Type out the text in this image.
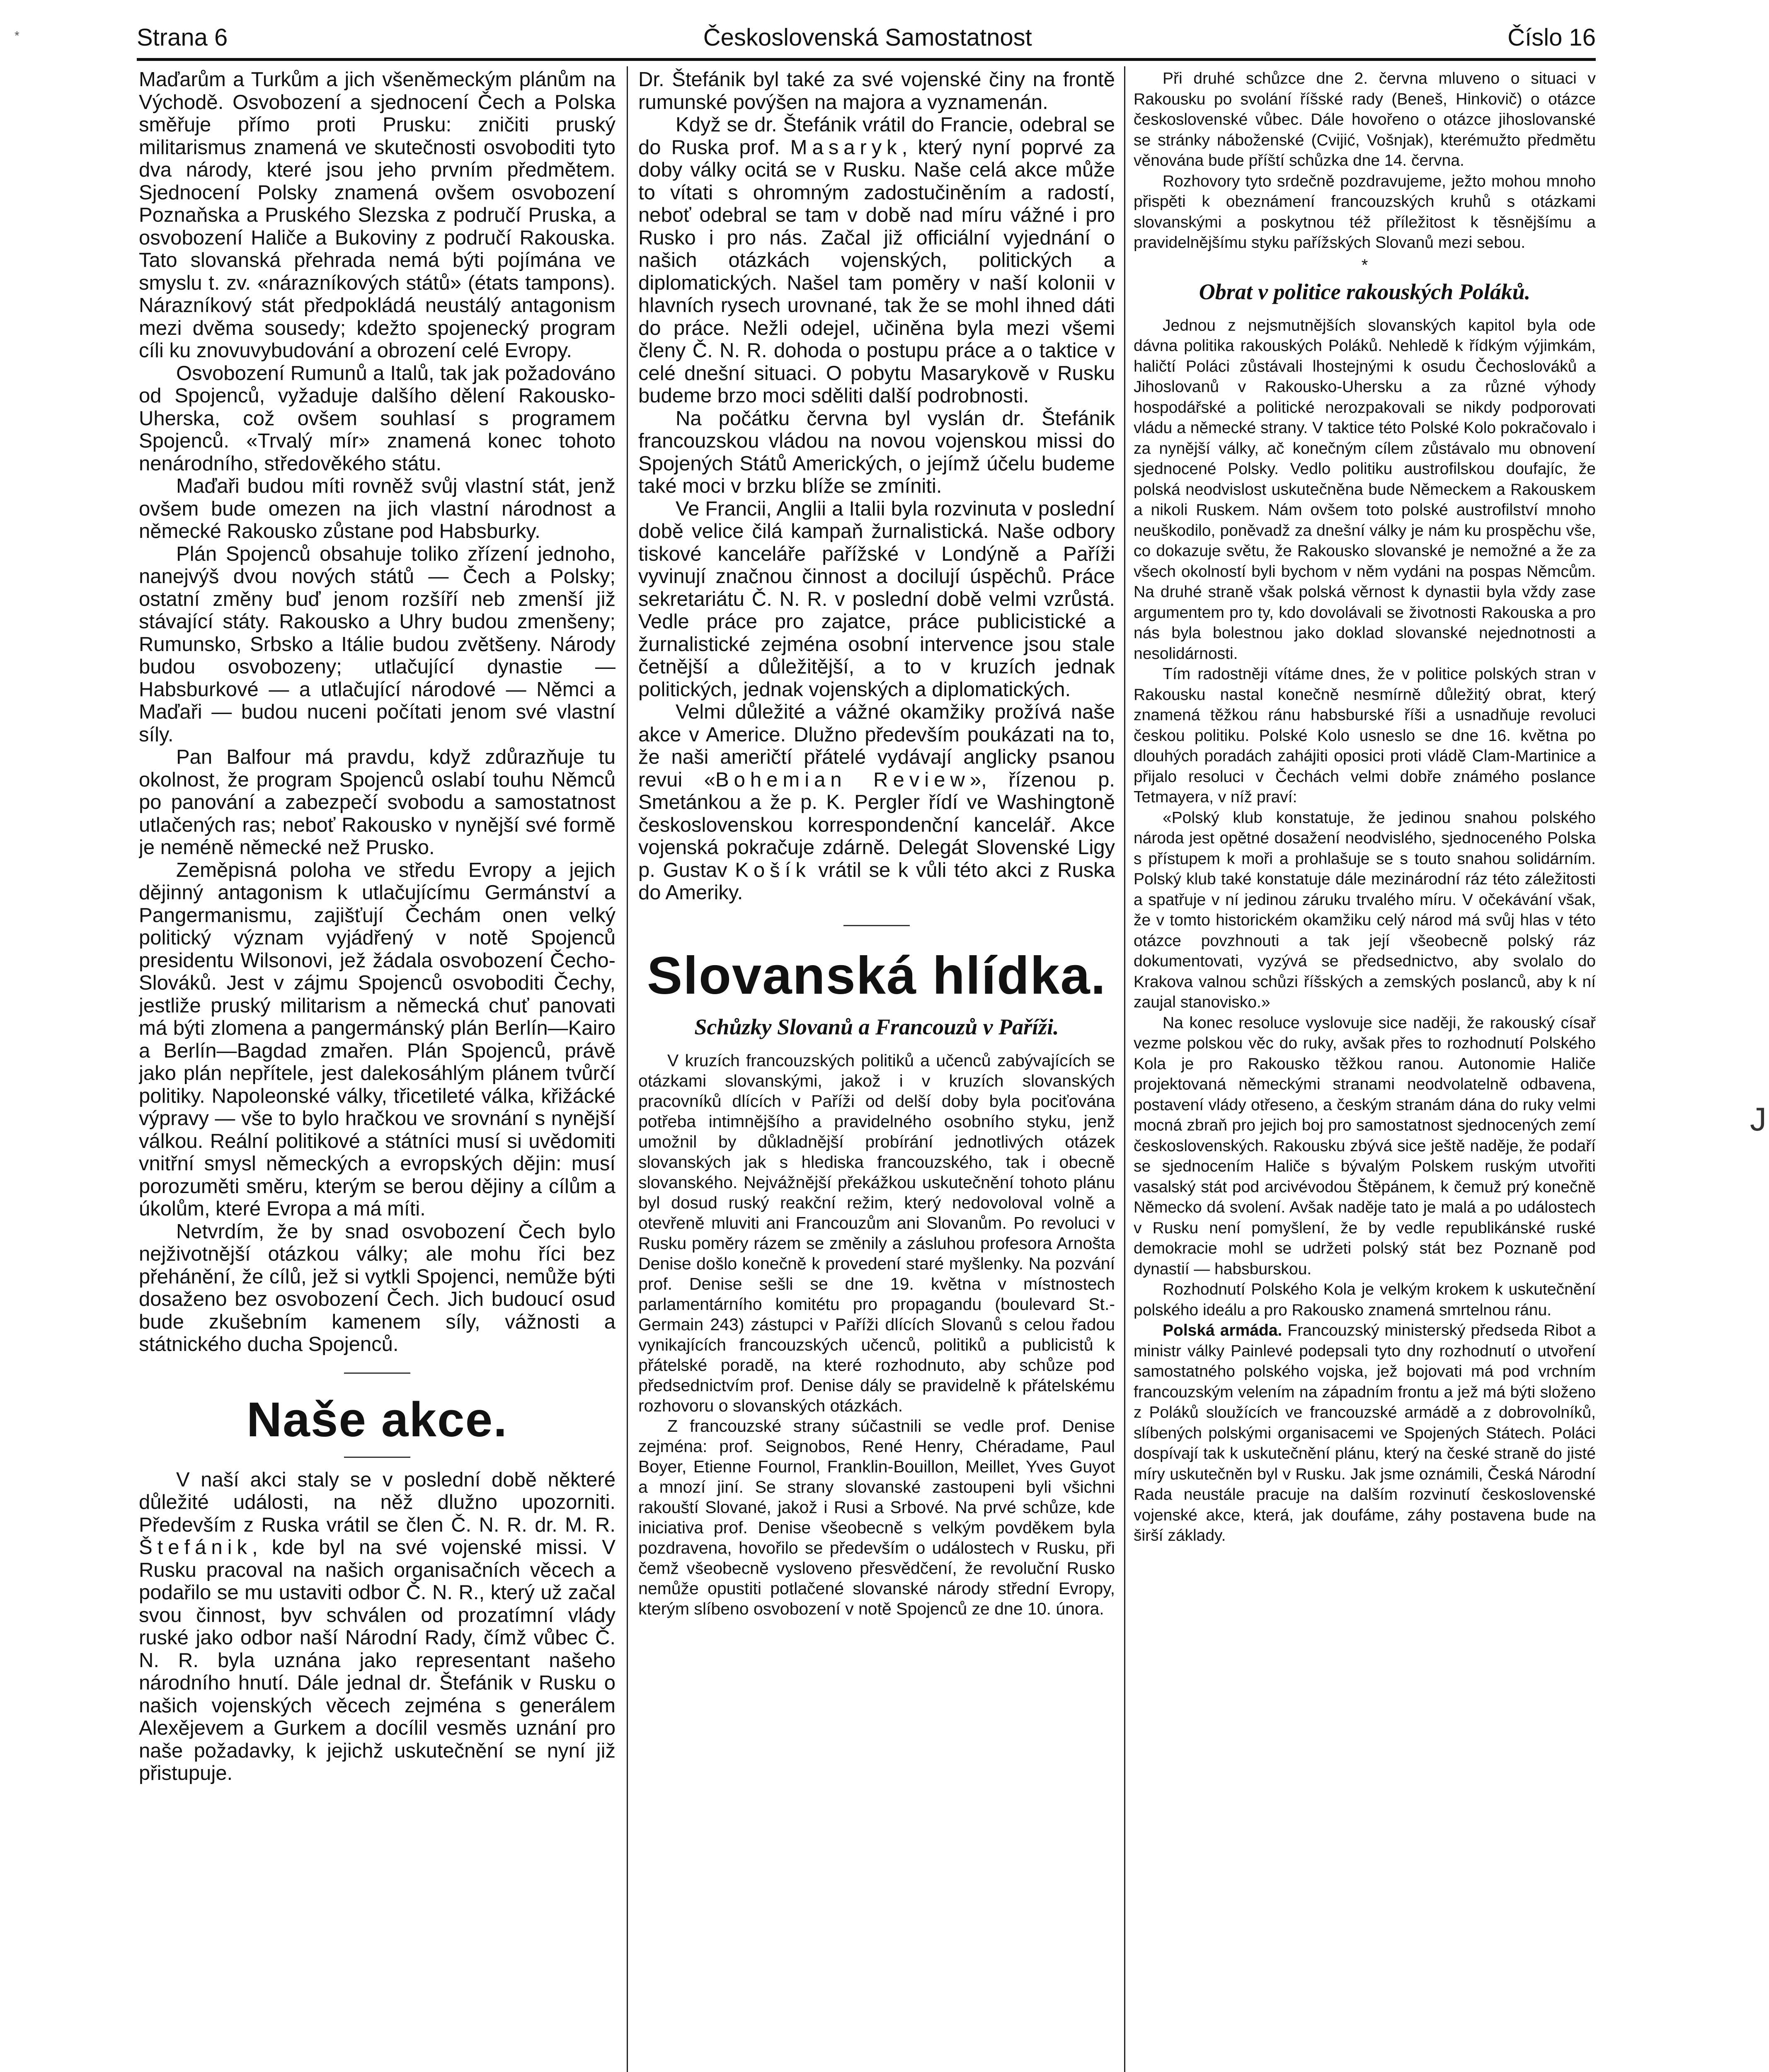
*
J
Strana 6	Československá Samostatnost	Číslo 16

Maďarům a Turkům a jich všeněmeckým plánům na Východě. Osvobození a sjednocení Čech a Polska směřuje přímo proti Prusku: zničiti pruský militarismus znamená ve skutečnosti osvoboditi tyto dva národy, které jsou jeho prvním předmětem. Sjednocení Polsky znamená ovšem osvobození Poznaňska a Pruského Slezska z područí Pruska, a osvobození Haliče a Bukoviny z područí Rakouska. Tato slovanská přehrada nemá býti pojímána ve smyslu t. zv. «nárazníkových států» (états tampons). Nárazníkový stát předpokládá neustálý antagonism mezi dvěma sousedy; kdežto spojenecký program cíli ku znovuvybudování a obrození celé Evropy.

Osvobození Rumunů a Italů, tak jak požadováno od Spojenců, vyžaduje dalšího dělení Rakousko-Uherska, což ovšem souhlasí s programem Spojenců. «Trvalý mír» znamená konec tohoto nenárodního, středověkého státu.

Maďaři budou míti rovněž svůj vlastní stát, jenž ovšem bude omezen na jich vlastní národnost a německé Rakousko zůstane pod Habsburky.

Plán Spojenců obsahuje toliko zřízení jednoho, nanejvýš dvou nových států — Čech a Polsky; ostatní změny buď jenom rozšíří neb zmenší již stávající státy. Rakousko a Uhry budou zmenšeny; Rumunsko, Srbsko a Itálie budou zvětšeny. Národy budou osvobozeny; utlačující dynastie — Habsburkové — a utlačující národové — Němci a Maďaři — budou nuceni počítati jenom své vlastní síly.

Pan Balfour má pravdu, když zdůrazňuje tu okolnost, že program Spojenců oslabí touhu Němců po panování a zabezpečí svobodu a samostatnost utlačených ras; neboť Rakousko v nynější své formě je neméně německé než Prusko.

Zeměpisná poloha ve středu Evropy a jejich dějinný antagonism k utlačujícímu Germánství a Pangermanismu, zajišťují Čechám onen velký politický význam vyjádřený v notě Spojenců presidentu Wilsonovi, jež žádala osvobození Čecho-Slováků. Jest v zájmu Spojenců osvoboditi Čechy, jestliže pruský militarism a německá chuť panovati má býti zlomena a pangermánský plán Berlín—Kairo a Berlín—Bagdad zmařen. Plán Spojenců, právě jako plán nepřítele, jest dalekosáhlým plánem tvůrčí politiky. Napoleonské války, třicetileté válka, křižácké výpravy — vše to bylo hračkou ve srovnání s nynější válkou. Reální politikové a státníci musí si uvědomiti vnitřní smysl německých a evropských dějin: musí porozuměti směru, kterým se berou dějiny a cílům a úkolům, které Evropa a má míti.

Netvrdím, že by snad osvobození Čech bylo nejživotnější otázkou války; ale mohu říci bez přehánění, že cílů, jež si vytkli Spojenci, nemůže býti dosaženo bez osvobození Čech. Jich budoucí osud bude zkušebním kamenem síly, vážnosti a státnického ducha Spojenců.

Naše akce.

V naší akci staly se v poslední době některé důležité události, na něž dlužno upozorniti. Především z Ruska vrátil se člen Č. N. R. dr. M. R. Štefánik, kde byl na své vojenské missi. V Rusku pracoval na našich organisačních věcech a podařilo se mu ustaviti odbor Č. N. R., který už začal svou činnost, byv schválen od prozatímní vlády ruské jako odbor naší Národní Rady, čímž vůbec Č. N. R. byla uznána jako representant našeho národního hnutí. Dále jednal dr. Štefánik v Rusku o našich vojenských věcech zejména s generálem Alexějevem a Gurkem a docílil vesměs uznání pro naše požadavky, k jejichž uskutečnění se nyní již přistupuje.

Dr. Štefánik byl také za své vojenské činy na frontě rumunské povýšen na majora a vyznamenán.

Když se dr. Štefánik vrátil do Francie, odebral se do Ruska prof. Masaryk, který nyní poprvé za doby války ocitá se v Rusku. Naše celá akce může to vítati s ohromným zadostučiněním a radostí, neboť odebral se tam v době nad míru vážné i pro Rusko i pro nás. Začal již officiální vyjednání o našich otázkách vojenských, politických a diplomatických. Našel tam poměry v naší kolonii v hlavních rysech urovnané, tak že se mohl ihned dáti do práce. Nežli odejel, učiněna byla mezi všemi členy Č. N. R. dohoda o postupu práce a o taktice v celé dnešní situaci. O pobytu Masarykově v Rusku budeme brzo moci sděliti další podrobnosti.

Na počátku června byl vyslán dr. Štefánik francouzskou vládou na novou vojenskou missi do Spojených Států Amerických, o jejímž účelu budeme také moci v brzku blíže se zmíniti.

Ve Francii, Anglii a Italii byla rozvinuta v poslední době velice čilá kampaň žurnalistická. Naše odbory tiskové kanceláře pařížské v Londýně a Paříži vyvinují značnou činnost a docilují úspěchů. Práce sekretariátu Č. N. R. v poslední době velmi vzrůstá. Vedle práce pro zajatce, práce publicistické a žurnalistické zejména osobní intervence jsou stale četnější a důležitější, a to v kruzích jednak politických, jednak vojenských a diplomatických.

Velmi důležité a vážné okamžiky prožívá naše akce v Americe. Dlužno především poukázati na to, že naši američtí přátelé vydávají anglicky psanou revui «Bohemian Review», řízenou p. Smetánkou a že p. K. Pergler řídí ve Washingtoně československou korrespondenční kancelář. Akce vojenská pokračuje zdárně. Delegát Slovenské Ligy p. Gustav Košík vrátil se k vůli této akci z Ruska do Ameriky.

Slovanská hlídka.
Schůzky Slovanů a Francouzů v Paříži.

V kruzích francouzských politiků a učenců zabývajících se otázkami slovanskými, jakož i v kruzích slovanských pracovníků dlících v Paříži od delší doby byla pociťována potřeba intimnějšího a pravidelného osobního styku, jenž umožnil by důkladnější probírání jednotlivých otázek slovanských jak s hlediska francouzského, tak i obecně slovanského. Nejvážnější překážkou uskutečnění tohoto plánu byl dosud ruský reakční režim, který nedovoloval volně a otevřeně mluviti ani Francouzům ani Slovanům. Po revoluci v Rusku poměry rázem se změnily a zásluhou profesora Arnošta Denise došlo konečně k provedení staré myšlenky. Na pozvání prof. Denise sešli se dne 19. května v místnostech parlamentárního komitétu pro propagandu (boulevard St.-Germain 243) zástupci v Paříži dlících Slovanů s celou řadou vynikajících francouzských učenců, politiků a publicistů k přátelské poradě, na které rozhodnuto, aby schůze pod předsednictvím prof. Denise dály se pravidelně k přátelskému rozhovoru o slovanských otázkách.

Z francouzské strany súčastnili se vedle prof. Denise zejména: prof. Seignobos, René Henry, Chéradame, Paul Boyer, Etienne Fournol, Franklin-Bouillon, Meillet, Yves Guyot a mnozí jiní. Se strany slovanské zastoupeni byli všichni rakouští Slované, jakož i Rusi a Srbové. Na prvé schůze, kde iniciativa prof. Denise všeobecně s velkým povděkem byla pozdravena, hovořilo se především o událostech v Rusku, při čemž všeobecně vysloveno přesvědčení, že revoluční Rusko nemůže opustiti potlačené slovanské národy střední Evropy, kterým slíbeno osvobození v notě Spojenců ze dne 10. února.

Při druhé schůzce dne 2. června mluveno o situaci v Rakousku po svolání říšské rady (Beneš, Hinkovič) o otázce československé vůbec. Dále hovořeno o otázce jihoslovanské se stránky náboženské (Cvijić, Vošnjak), kterémužto předmětu věnována bude příští schůzka dne 14. června.

Rozhovory tyto srdečně pozdravujeme, ježto mohou mnoho přispěti k obeznámení francouzských kruhů s otázkami slovanskými a poskytnou též příležitost k těsnějšímu a pravidelnějšímu styku pařížských Slovanů mezi sebou.

*
Obrat v politice rakouských Poláků.

Jednou z nejsmutnějších slovanských kapitol byla ode dávna politika rakouských Poláků. Nehledě k řídkým výjimkám, haličtí Poláci zůstávali lhostejnými k osudu Čechoslováků a Jihoslovanů v Rakousko-Uhersku a za různé výhody hospodářské a politické nerozpakovali se nikdy podporovati vládu a německé strany. V taktice této Polské Kolo pokračovalo i za nynější války, ač konečným cílem zůstávalo mu obnovení sjednocené Polsky. Vedlo politiku austrofilskou doufajíc, že polská neodvislost uskutečněna bude Německem a Rakouskem a nikoli Ruskem. Nám ovšem toto polské austrofilství mnoho neuškodilo, poněvadž za dnešní války je nám ku prospěchu vše, co dokazuje světu, že Rakousko slovanské je nemožné a že za všech okolností byli bychom v něm vydáni na pospas Němcům. Na druhé straně však polská věrnost k dynastii byla vždy zase argumentem pro ty, kdo dovolávali se životnosti Rakouska a pro nás byla bolestnou jako doklad slovanské nejednotnosti a nesolidárnosti.

Tím radostněji vítáme dnes, že v politice polských stran v Rakousku nastal konečně nesmírně důležitý obrat, který znamená těžkou ránu habsburské říši a usnadňuje revoluci českou politiku. Polské Kolo usneslo se dne 16. května po dlouhých poradách zahájiti oposici proti vládě Clam-Martinice a přijalo resoluci v Čechách velmi dobře známého poslance Tetmayera, v níž praví:

«Polský klub konstatuje, že jedinou snahou polského národa jest opětné dosažení neodvislého, sjednoceného Polska s přístupem k moři a prohlašuje se s touto snahou solidárním. Polský klub také konstatuje dále mezinárodní ráz této záležitosti a spatřuje v ní jedinou záruku trvalého míru. V očekávání však, že v tomto historickém okamžiku celý národ má svůj hlas v této otázce povzhnouti a tak její všeobecně polský ráz dokumentovati, vyzývá se předsednictvo, aby svolalo do Krakova valnou schůzi říšských a zemských poslanců, aby k ní zaujal stanovisko.»

Na konec resoluce vyslovuje sice naději, že rakouský císař vezme polskou věc do ruky, avšak přes to rozhodnutí Polského Kola je pro Rakousko těžkou ranou. Autonomie Haliče projektovaná německými stranami neodvolatelně odbavena, postavení vlády otřeseno, a českým stranám dána do ruky velmi mocná zbraň pro jejich boj pro samostatnost sjednocených zemí československých. Rakousku zbývá sice ještě naděje, že podaří se sjednocením Haliče s bývalým Polskem ruským utvořiti vasalský stát pod arcivévodou Štěpánem, k čemuž prý konečně Německo dá svolení. Avšak naděje tato je malá a po událostech v Rusku není pomyšlení, že by vedle republikánské ruské demokracie mohl se udržeti polský stát bez Poznaně pod dynastií — habsburskou.

Rozhodnutí Polského Kola je velkým krokem k uskutečnění polského ideálu a pro Rakousko znamená smrtelnou ránu.

Polská armáda. Francouzský ministerský předseda Ribot a ministr války Painlevé podepsali tyto dny rozhodnutí o utvoření samostatného polského vojska, jež bojovati má pod vrchním francouzským velením na západním frontu a jež má býti složeno z Poláků sloužících ve francouzské armádě a z dobrovolníků, slíbených polskými organisacemi ve Spojených Státech. Poláci dospívají tak k uskutečnění plánu, který na české straně do jisté míry uskutečněn byl v Rusku. Jak jsme oznámili, Česká Národní Rada neustále pracuje na dalším rozvinutí československé vojenské akce, která, jak doufáme, záhy postavena bude na širší základy.
